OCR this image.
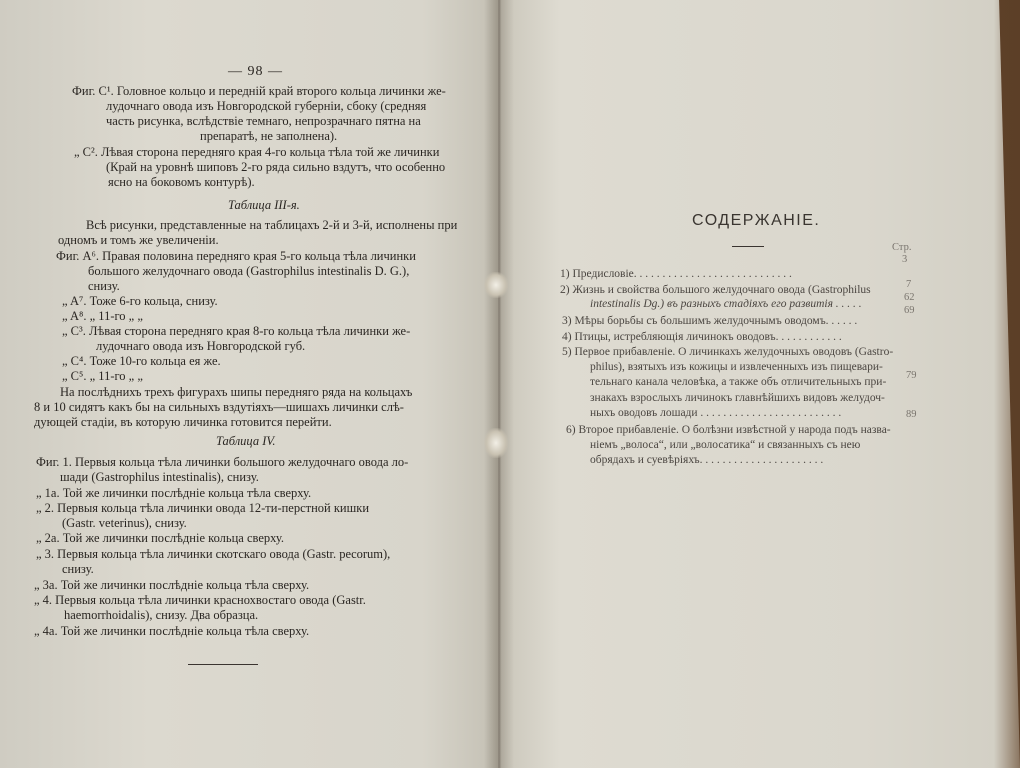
— 98 —
Фиг. C¹. Головное кольцо и передній край второго кольца личинки же-
лудочнаго овода изъ Новгородской губерніи, сбоку (средняя
часть рисунка, вслѣдствіе темнаго, непрозрачнаго пятна на
препаратѣ, не заполнена).
„ C². Лѣвая сторона передняго края 4-го кольца тѣла той же личинки
(Край на уровнѣ шиповъ 2-го ряда сильно вздутъ, что особенно
ясно на боковомъ контурѣ).
Таблица III-я.
Всѣ рисунки, представленные на таблицахъ 2-й и 3-й, исполнены при
одномъ и томъ же увеличеніи.
Фиг. A⁶. Правая половина передняго края 5-го кольца тѣла личинки
большого желудочнаго овода (Gastrophilus intestinalis D. G.),
снизу.
„ A⁷. Тоже 6-го кольца, снизу.
„ A⁸. „ 11-го „ „
„ C³. Лѣвая сторона передняго края 8-го кольца тѣла личинки же-
лудочнаго овода изъ Новгородской губ.
„ C⁴. Тоже 10-го кольца ея же.
„ C⁵. „ 11-го „ „
На послѣднихъ трехъ фигурахъ шипы передняго ряда на кольцахъ
8 и 10 сидятъ какъ бы на сильныхъ вздутіяхъ—шишахъ личинки слѣ-
дующей стадіи, въ которую личинка готовится перейти.
Таблица IV.
Фиг. 1. Первыя кольца тѣла личинки большого желудочнаго овода ло-
шади (Gastrophilus intestinalis), снизу.
„ 1a. Той же личинки послѣдніе кольца тѣла сверху.
„ 2. Первыя кольца тѣла личинки овода 12-ти-перстной кишки
(Gastr. veterinus), снизу.
„ 2a. Той же личинки послѣдніе кольца сверху.
„ 3. Первыя кольца тѣла личинки скотскаго овода (Gastr. pecorum),
снизу.
„ 3a. Той же личинки послѣдніе кольца тѣла сверху.
„ 4. Первыя кольца тѣла личинки краснохвостаго овода (Gastr.
haemorrhoidalis), снизу. Два образца.
„ 4a. Той же личинки послѣдніе кольца тѣла сверху.
СОДЕРЖАНІЕ.
Стр.
1) Предисловіе. . . . . . . . . . . . . . . . . . . . . . . . . . . .
3
2) Жизнь и свойства большого желудочнаго овода (Gastrophilus	7
intestinalis Dg.) въ разныхъ стадіяхъ его развитія . . . . .
3) Мѣры борьбы съ большимъ желудочнымъ оводомъ. . . . . .
62
4) Птицы, истребляющія личинокъ оводовъ. . . . . . . . . . . .
69
5) Первое прибавленіе. О личинкахъ желудочныхъ оводовъ (Gastro-
philus), взятыхъ изъ кожицы и извлеченныхъ изъ пищевари-
тельнаго канала человѣка, а также объ отличительныхъ при-
знакахъ взрослыхъ личинокъ главнѣйшихъ видовъ желудоч-
ныхъ оводовъ лошади . . . . . . . . . . . . . . . . . . . . . . . . .
79
6) Второе прибавленіе. О болѣзни извѣстной у народа подъ назва-
89
ніемъ „волоса“, или „волосатика“ и связанныхъ съ нею
обрядахъ и суевѣріяхъ. . . . . . . . . . . . . . . . . . . . . .
